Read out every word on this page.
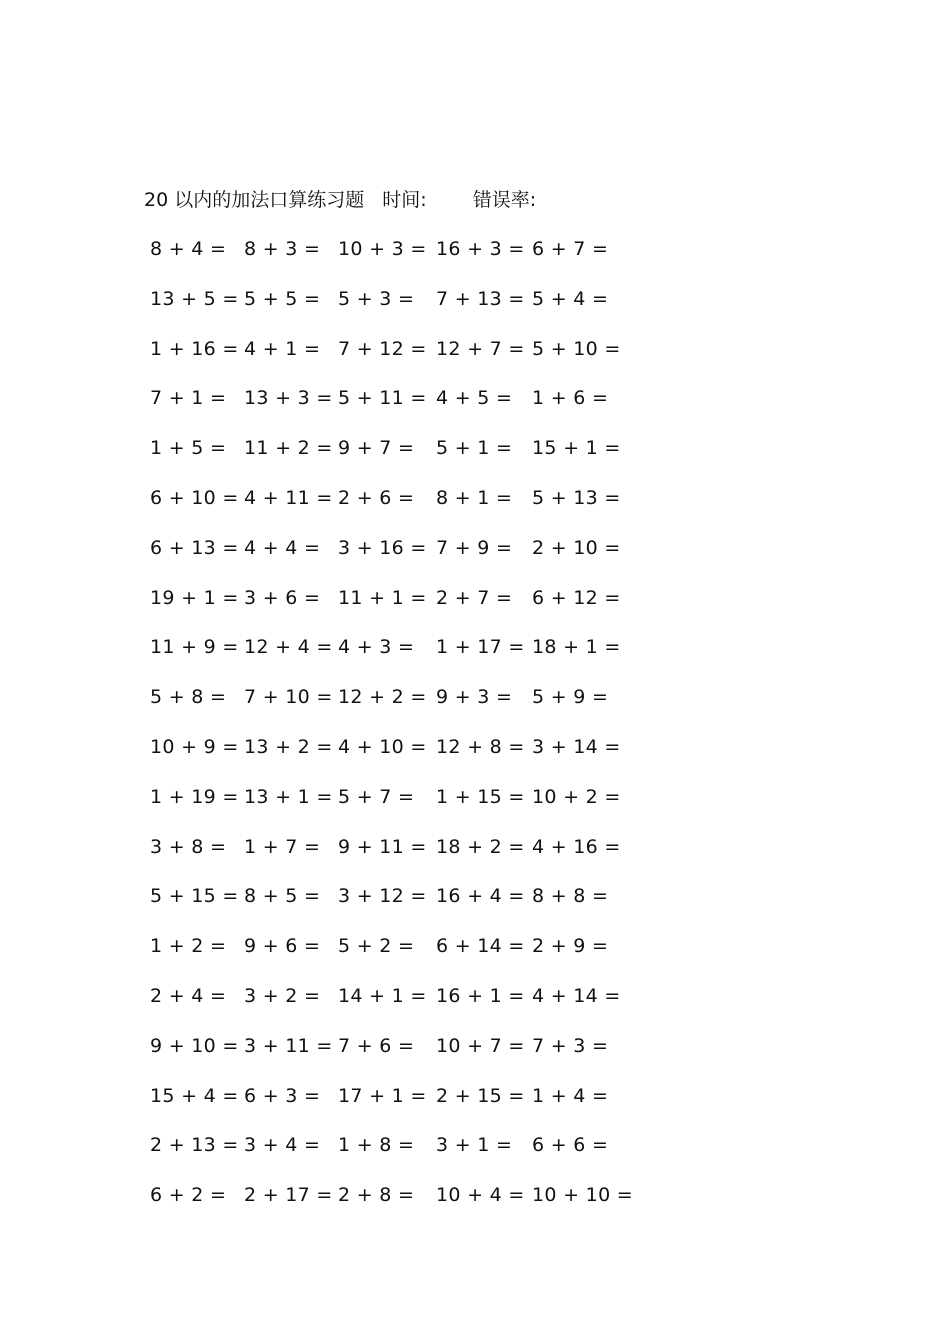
20 以内的加法口算练习题 时间: 错误率:
8 + 4 = 8 + 3 = 10 + 3 = 16 + 3 = 6 + 7 =
13 + 5 = 5 + 5 = 5 + 3 = 7 + 13 = 5 + 4 =
1 + 16 = 4 + 1 = 7 + 12 = 12 + 7 = 5 + 10 =
7 + 1 = 13 + 3 = 5 + 11 = 4 + 5 = 1 + 6 =
1 + 5 = 11 + 2 = 9 + 7 = 5 + 1 = 15 + 1 =
6 + 10 = 4 + 11 = 2 + 6 = 8 + 1 = 5 + 13 =
6 + 13 = 4 + 4 = 3 + 16 = 7 + 9 = 2 + 10 =
19 + 1 = 3 + 6 = 11 + 1 = 2 + 7 = 6 + 12 =
11 + 9 = 12 + 4 = 4 + 3 = 1 + 17 = 18 + 1 =
5 + 8 = 7 + 10 = 12 + 2 = 9 + 3 = 5 + 9 =
10 + 9 = 13 + 2 = 4 + 10 = 12 + 8 = 3 + 14 =
1 + 19 = 13 + 1 = 5 + 7 = 1 + 15 = 10 + 2 =
3 + 8 = 1 + 7 = 9 + 11 = 18 + 2 = 4 + 16 =
5 + 15 = 8 + 5 = 3 + 12 = 16 + 4 = 8 + 8 =
1 + 2 = 9 + 6 = 5 + 2 = 6 + 14 = 2 + 9 =
2 + 4 = 3 + 2 = 14 + 1 = 16 + 1 = 4 + 14 =
9 + 10 = 3 + 11 = 7 + 6 = 10 + 7 = 7 + 3 =
15 + 4 = 6 + 3 = 17 + 1 = 2 + 15 = 1 + 4 =
2 + 13 = 3 + 4 = 1 + 8 = 3 + 1 = 6 + 6 =
6 + 2 = 2 + 17 = 2 + 8 = 10 + 4 = 10 + 10 =
